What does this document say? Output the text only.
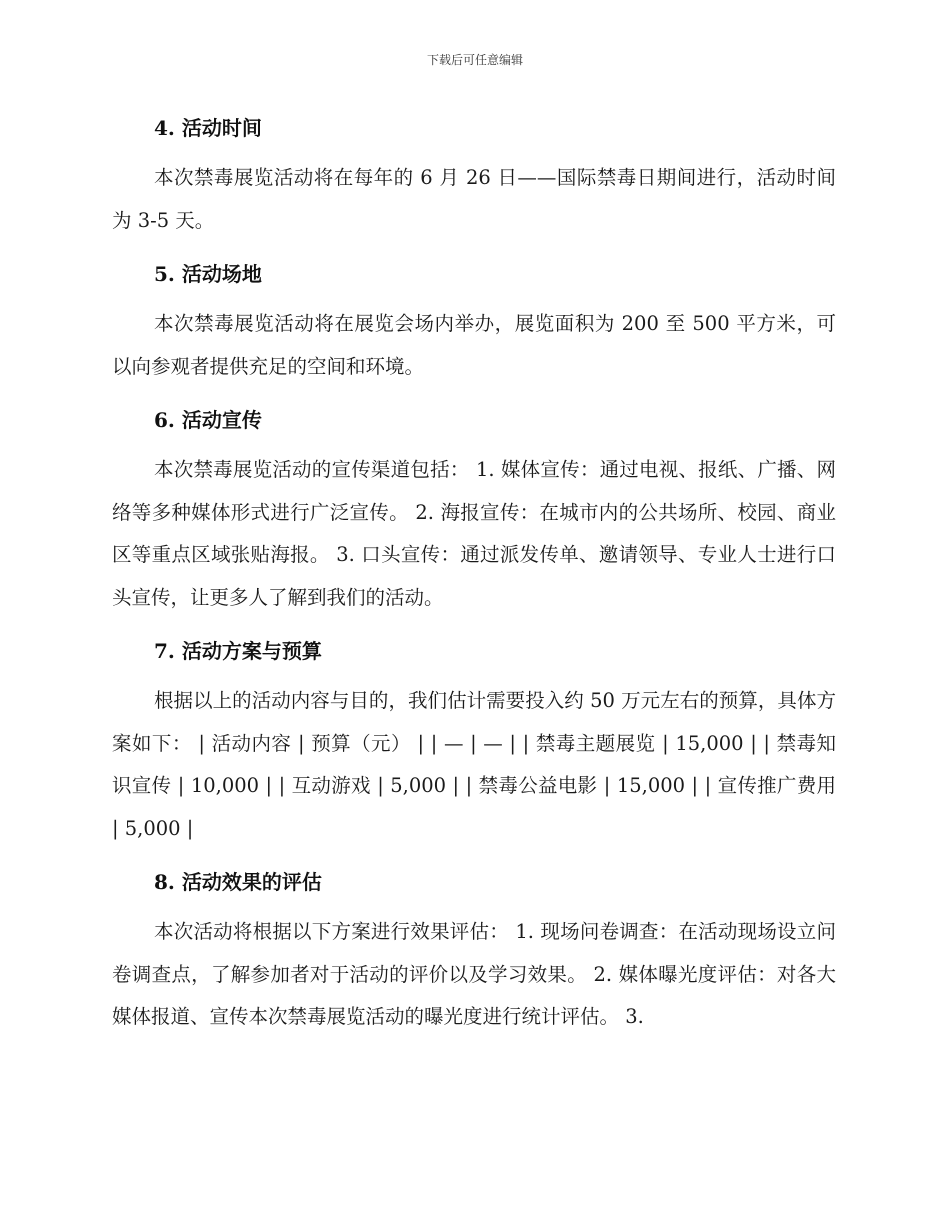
下载后可任意编辑
4. 活动时间

本次禁毒展览活动将在每年的 6 月 26 日——国际禁毒日期间进行，活动时间为 3-5 天。

5. 活动场地

本次禁毒展览活动将在展览会场内举办，展览面积为 200 至 500 平方米，可以向参观者提供充足的空间和环境。

6. 活动宣传

本次禁毒展览活动的宣传渠道包括： 1. 媒体宣传：通过电视、报纸、广播、网络等多种媒体形式进行广泛宣传。 2. 海报宣传：在城市内的公共场所、校园、商业区等重点区域张贴海报。 3. 口头宣传：通过派发传单、邀请领导、专业人士进行口头宣传，让更多人了解到我们的活动。

7. 活动方案与预算

根据以上的活动内容与目的，我们估计需要投入约 50 万元左右的预算，具体方案如下： | 活动内容 | 预算（元） | | — | — | | 禁毒主题展览 | 15,000 | | 禁毒知识宣传 | 10,000 | | 互动游戏 | 5,000 | | 禁毒公益电影 | 15,000 | | 宣传推广费用 | 5,000 |

8. 活动效果的评估

本次活动将根据以下方案进行效果评估： 1. 现场问卷调查：在活动现场设立问卷调查点，了解参加者对于活动的评价以及学习效果。 2. 媒体曝光度评估：对各大媒体报道、宣传本次禁毒展览活动的曝光度进行统计评估。 3.
